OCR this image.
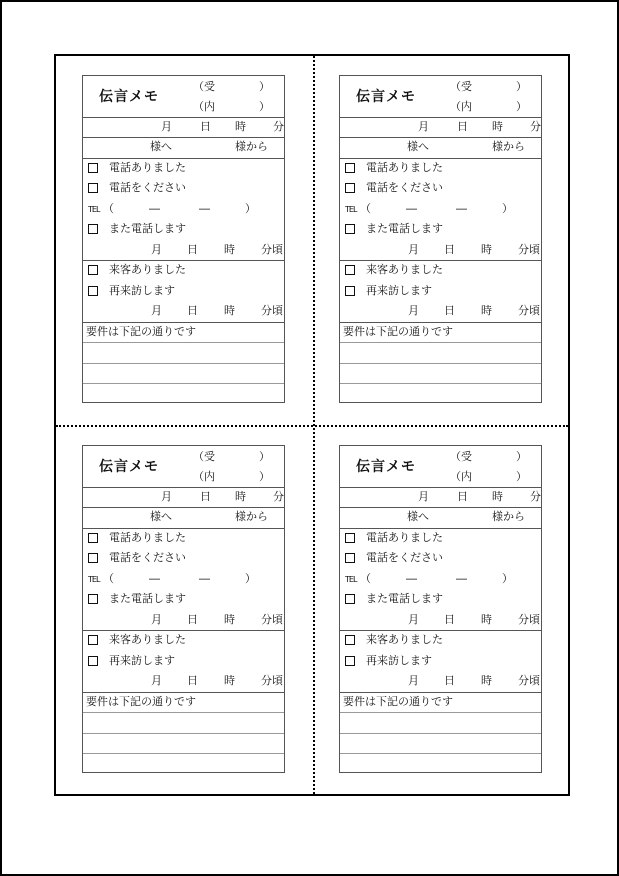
伝言メモ
（受	）
（内	）
月	日 時 分
様へ	様から
電話ありました
電話をください
TEL （	―	―	）
また電話します
月 日 時 分頃
来客ありました
再来訪します
月 日 時 分頃
要件は下記の通りです
伝言メモ
（受	）
（内	）
月	日 時 分
様へ	様から
電話ありました
電話をください
TEL （	―	―	）
また電話します
月 日 時 分頃
来客ありました
再来訪します
月 日 時 分頃
要件は下記の通りです
伝言メモ
（受	）
（内	）
月	日 時 分
様へ	様から
電話ありました
電話をください
TEL （	―	―	）
また電話します
月 日 時 分頃
来客ありました
再来訪します
月 日 時 分頃
要件は下記の通りです
伝言メモ
（受	）
（内	）
月	日 時 分
様へ	様から
電話ありました
電話をください
TEL （	―	―	）
また電話します
月 日 時 分頃
来客ありました
再来訪します
月 日 時 分頃
要件は下記の通りです
